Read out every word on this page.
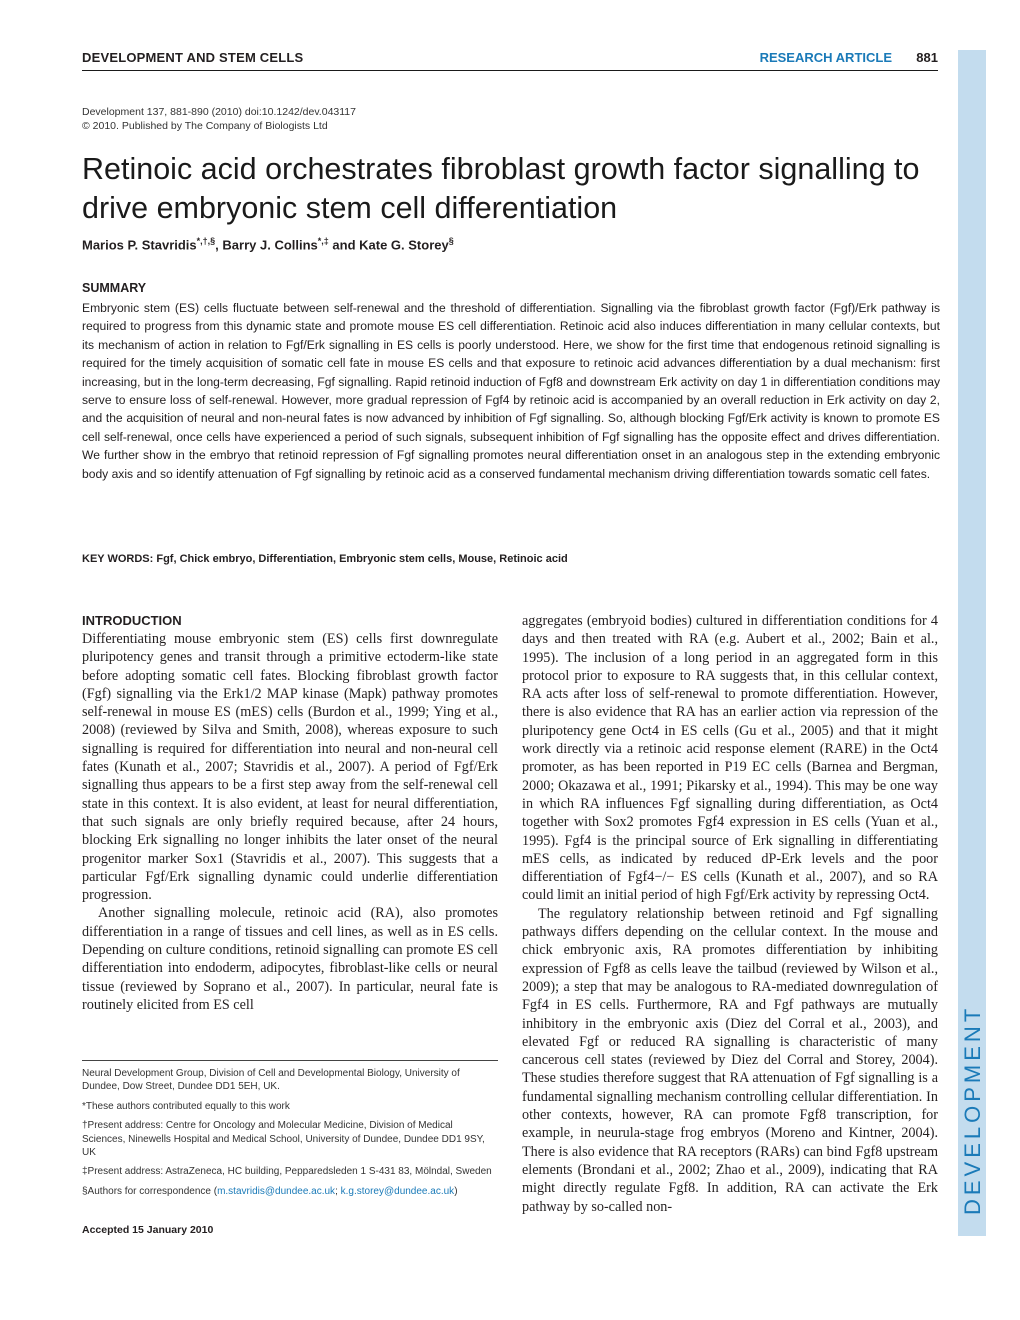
DEVELOPMENT AND STEM CELLS	RESEARCH ARTICLE 881
DEVELOPMENT
Development 137, 881-890 (2010) doi:10.1242/dev.043117
© 2010. Published by The Company of Biologists Ltd
Retinoic acid orchestrates fibroblast growth factor signalling to drive embryonic stem cell differentiation
Marios P. Stavridis*,†,§, Barry J. Collins*,‡ and Kate G. Storey§
SUMMARY
Embryonic stem (ES) cells fluctuate between self-renewal and the threshold of differentiation. Signalling via the fibroblast growth factor (Fgf)/Erk pathway is required to progress from this dynamic state and promote mouse ES cell differentiation. Retinoic acid also induces differentiation in many cellular contexts, but its mechanism of action in relation to Fgf/Erk signalling in ES cells is poorly understood. Here, we show for the first time that endogenous retinoid signalling is required for the timely acquisition of somatic cell fate in mouse ES cells and that exposure to retinoic acid advances differentiation by a dual mechanism: first increasing, but in the long-term decreasing, Fgf signalling. Rapid retinoid induction of Fgf8 and downstream Erk activity on day 1 in differentiation conditions may serve to ensure loss of self-renewal. However, more gradual repression of Fgf4 by retinoic acid is accompanied by an overall reduction in Erk activity on day 2, and the acquisition of neural and non-neural fates is now advanced by inhibition of Fgf signalling. So, although blocking Fgf/Erk activity is known to promote ES cell self-renewal, once cells have experienced a period of such signals, subsequent inhibition of Fgf signalling has the opposite effect and drives differentiation. We further show in the embryo that retinoid repression of Fgf signalling promotes neural differentiation onset in an analogous step in the extending embryonic body axis and so identify attenuation of Fgf signalling by retinoic acid as a conserved fundamental mechanism driving differentiation towards somatic cell fates.
KEY WORDS: Fgf, Chick embryo, Differentiation, Embryonic stem cells, Mouse, Retinoic acid
INTRODUCTION

Differentiating mouse embryonic stem (ES) cells first downregulate pluripotency genes and transit through a primitive ectoderm-like state before adopting somatic cell fates. Blocking fibroblast growth factor (Fgf) signalling via the Erk1/2 MAP kinase (Mapk) pathway promotes self-renewal in mouse ES (mES) cells (Burdon et al., 1999; Ying et al., 2008) (reviewed by Silva and Smith, 2008), whereas exposure to such signalling is required for differentiation into neural and non-neural cell fates (Kunath et al., 2007; Stavridis et al., 2007). A period of Fgf/Erk signalling thus appears to be a first step away from the self-renewal cell state in this context. It is also evident, at least for neural differentiation, that such signals are only briefly required because, after 24 hours, blocking Erk signalling no longer inhibits the later onset of the neural progenitor marker Sox1 (Stavridis et al., 2007). This suggests that a particular Fgf/Erk signalling dynamic could underlie differentiation progression.

Another signalling molecule, retinoic acid (RA), also promotes differentiation in a range of tissues and cell lines, as well as in ES cells. Depending on culture conditions, retinoid signalling can promote ES cell differentiation into endoderm, adipocytes, fibroblast-like cells or neural tissue (reviewed by Soprano et al., 2007). In particular, neural fate is routinely elicited from ES cell

aggregates (embryoid bodies) cultured in differentiation conditions for 4 days and then treated with RA (e.g. Aubert et al., 2002; Bain et al., 1995). The inclusion of a long period in an aggregated form in this protocol prior to exposure to RA suggests that, in this cellular context, RA acts after loss of self-renewal to promote differentiation. However, there is also evidence that RA has an earlier action via repression of the pluripotency gene Oct4 in ES cells (Gu et al., 2005) and that it might work directly via a retinoic acid response element (RARE) in the Oct4 promoter, as has been reported in P19 EC cells (Barnea and Bergman, 2000; Okazawa et al., 1991; Pikarsky et al., 1994). This may be one way in which RA influences Fgf signalling during differentiation, as Oct4 together with Sox2 promotes Fgf4 expression in ES cells (Yuan et al., 1995). Fgf4 is the principal source of Erk signalling in differentiating mES cells, as indicated by reduced dP-Erk levels and the poor differentiation of Fgf4−/− ES cells (Kunath et al., 2007), and so RA could limit an initial period of high Fgf/Erk activity by repressing Oct4.

The regulatory relationship between retinoid and Fgf signalling pathways differs depending on the cellular context. In the mouse and chick embryonic axis, RA promotes differentiation by inhibiting expression of Fgf8 as cells leave the tailbud (reviewed by Wilson et al., 2009); a step that may be analogous to RA-mediated downregulation of Fgf4 in ES cells. Furthermore, RA and Fgf pathways are mutually inhibitory in the embryonic axis (Diez del Corral et al., 2003), and elevated Fgf or reduced RA signalling is characteristic of many cancerous cell states (reviewed by Diez del Corral and Storey, 2004). These studies therefore suggest that RA attenuation of Fgf signalling is a fundamental signalling mechanism controlling cellular differentiation. In other contexts, however, RA can promote Fgf8 transcription, for example, in neurula-stage frog embryos (Moreno and Kintner, 2004). There is also evidence that RA receptors (RARs) can bind Fgf8 upstream elements (Brondani et al., 2002; Zhao et al., 2009), indicating that RA might directly regulate Fgf8. In addition, RA can activate the Erk pathway by so-called non-

Neural Development Group, Division of Cell and Developmental Biology, University of Dundee, Dow Street, Dundee DD1 5EH, UK.

*These authors contributed equally to this work

†Present address: Centre for Oncology and Molecular Medicine, Division of Medical Sciences, Ninewells Hospital and Medical School, University of Dundee, Dundee DD1 9SY, UK

‡Present address: AstraZeneca, HC building, Pepparedsleden 1 S-431 83, Mölndal, Sweden

§Authors for correspondence (m.stavridis@dundee.ac.uk; k.g.storey@dundee.ac.uk)

Accepted 15 January 2010
